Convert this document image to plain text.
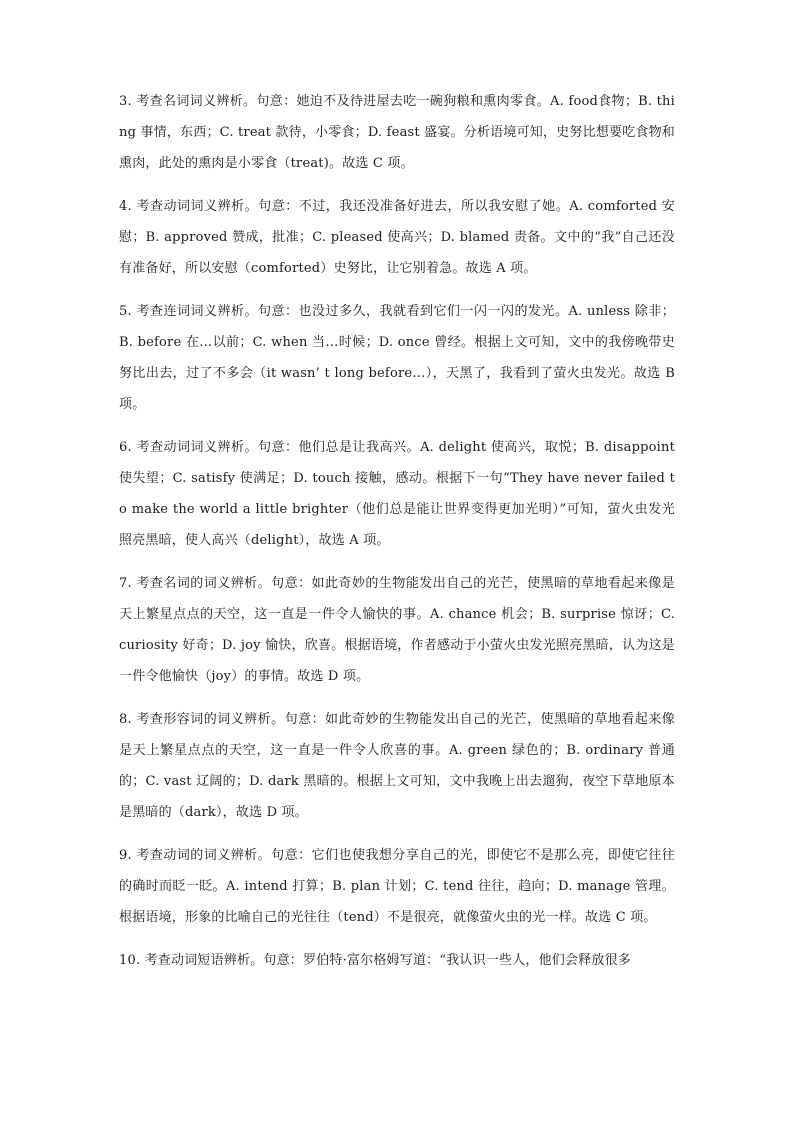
3. 考查名词词义辨析。句意：她迫不及待进屋去吃一碗狗粮和熏肉零食。A. food食物；B. thing 事情，东西；C. treat 款待，小零食；D. feast 盛宴。分析语境可知，史努比想要吃食物和熏肉，此处的熏肉是小零食（treat)。故选 C 项。

4. 考查动词词义辨析。句意：不过，我还没准备好进去，所以我安慰了她。A. comforted 安慰；B. approved 赞成，批准；C. pleased 使高兴；D. blamed 责备。文中的“我”自己还没有准备好，所以安慰（comforted）史努比，让它别着急。故选 A 项。

5. 考查连词词义辨析。句意：也没过多久，我就看到它们一闪一闪的发光。A. unless 除非；B. before 在…以前；C. when 当…时候；D. once 曾经。根据上文可知，文中的我傍晚带史努比出去，过了不多会（it wasn’ t long before…），天黑了，我看到了萤火虫发光。故选 B 项。

6. 考查动词词义辨析。句意：他们总是让我高兴。A. delight 使高兴，取悦；B. disappoint 使失望；C. satisfy 使满足；D. touch 接触，感动。根据下一句“They have never failed to make the world a little brighter（他们总是能让世界变得更加光明）”可知，萤火虫发光照亮黑暗，使人高兴（delight），故选 A 项。

7. 考查名词的词义辨析。句意：如此奇妙的生物能发出自己的光芒，使黑暗的草地看起来像是天上繁星点点的天空，这一直是一件令人愉快的事。A. chance 机会；B. surprise 惊讶；C. curiosity 好奇；D. joy 愉快，欣喜。根据语境，作者感动于小萤火虫发光照亮黑暗，认为这是一件令他愉快（joy）的事情。故选 D 项。

8. 考查形容词的词义辨析。句意：如此奇妙的生物能发出自己的光芒，使黑暗的草地看起来像是天上繁星点点的天空，这一直是一件令人欣喜的事。A. green 绿色的；B. ordinary 普通的；C. vast 辽阔的；D. dark 黑暗的。根据上文可知，文中我晚上出去遛狗，夜空下草地原本是黑暗的（dark），故选 D 项。

9. 考查动词的词义辨析。句意：它们也使我想分享自己的光，即使它不是那么亮，即使它往往的确时而眨一眨。A. intend 打算；B. plan 计划；C. tend 往往，趋向；D. manage 管理。根据语境，形象的比喻自己的光往往（tend）不是很亮，就像萤火虫的光一样。故选 C 项。

10. 考查动词短语辨析。句意：罗伯特·富尔格姆写道：“我认识一些人，他们会释放很多
